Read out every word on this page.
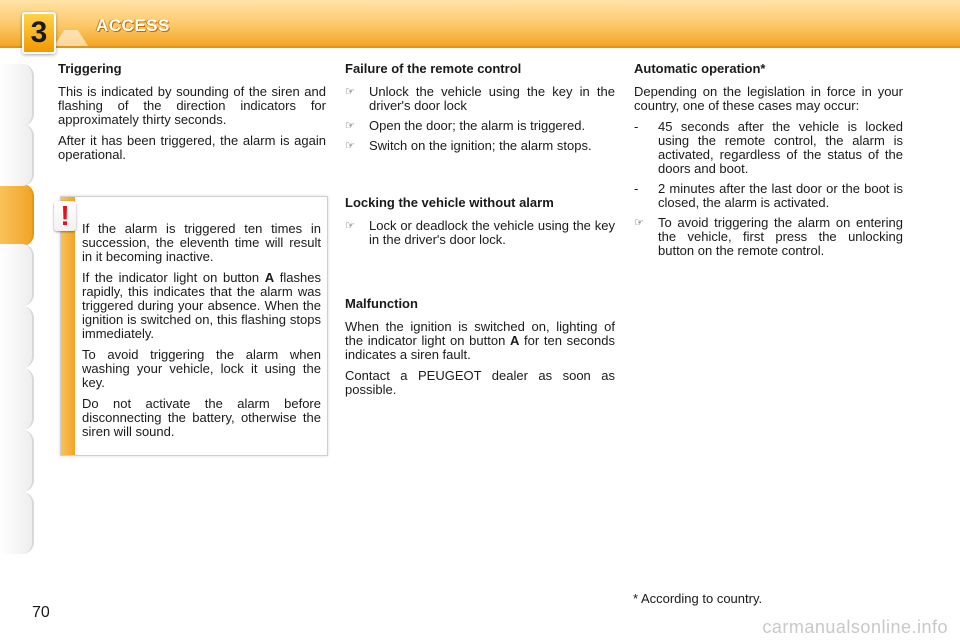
3	ACCESS
Triggering

This is indicated by sounding of the siren and flashing of the direction indicators for approximately thirty seconds.

After it has been triggered, the alarm is again operational.

! If the alarm is triggered ten times in succession, the eleventh time will result in it becoming inactive.

If the indicator light on button A flashes rapidly, this indicates that the alarm was triggered during your absence. When the ignition is switched on, this flashing stops immediately.

To avoid triggering the alarm when washing your vehicle, lock it using the key.

Do not activate the alarm before disconnecting the battery, otherwise the siren will sound.

Failure of the remote control
☞ Unlock the vehicle using the key in the driver's door lock
☞ Open the door; the alarm is triggered.
☞ Switch on the ignition; the alarm stops.
Locking the vehicle without alarm
☞ Lock or deadlock the vehicle using the key in the driver's door lock.
Malfunction

When the ignition is switched on, lighting of the indicator light on button A for ten seconds indicates a siren fault.

Contact a PEUGEOT dealer as soon as possible.

Automatic operation*

Depending on the legislation in force in your country, one of these cases may occur:

- 45 seconds after the vehicle is locked using the remote control, the alarm is activated, regardless of the status of the doors and boot.
- 2 minutes after the last door or the boot is closed, the alarm is activated.
☞ To avoid triggering the alarm on entering the vehicle, first press the unlocking button on the remote control.
* According to country.
70
carmanualsonline.info
